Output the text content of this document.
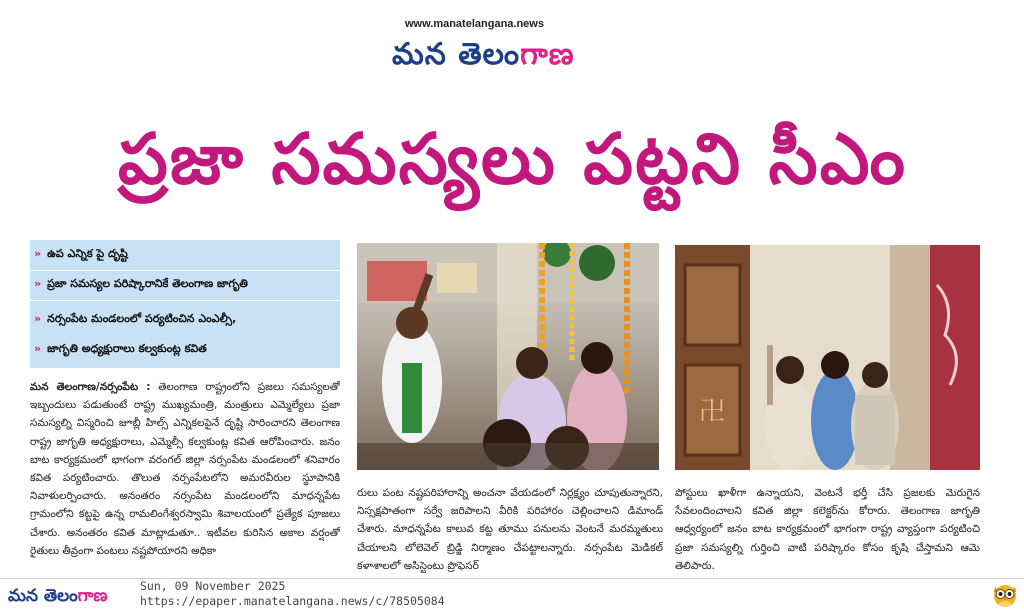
www.manatelangana.news
మన తెలంగాణ
ప్రజా సమస్యలు పట్టని సీఎం
» ఉప ఎన్నిక పై దృష్టి
» ప్రజా సమస్యల పరిష్కారానికే తెలంగాణ జాగృతి
» నర్సంపేట మండలంలో పర్యటించిన ఎంఎల్సీ,
» జాగృతి అధ్యక్షురాలు కల్వకుంట్ల కవిత
మన తెలంగాణ/నర్సంపేట : తెలంగాణ రాష్ట్రంలోని ప్రజలు సమస్యలతో ఇబ్బందులు పడుతుంటే రాష్ట్ర ముఖ్యమంత్రి, మంత్రులు ఎమ్మెల్యేలు ప్రజా సమస్యల్ని విస్మరించి జూబ్లీ హిల్స్ ఎన్నికలపైనే దృష్టి సారించారని తెలంగాణ రాష్ట్ర జాగృతి అధ్యక్షురాలు, ఎమ్మెల్సీ కల్వకుంట్ల కవిత ఆరోపించారు. జనం బాట కార్యక్రమంలో భాగంగా వరంగల్ జిల్లా నర్సంపేట మండలంలో శనివారం కవిత పర్యటించారు. తొలుత నర్సంపేటలోని అమరవీరుల స్థూపానికి నివాళులర్పించారు. అనంతరం నర్సంపేట మండలంలోని మాధన్నపేట గ్రామంలోని కట్టపై ఉన్న రామలింగేశ్వరస్వామి శివాలయంలో ప్రత్యేక పూజలు చేశారు. అనంతరం కవిత మాట్లాడుతూ.. ఇటీవల కురిసిన అకాల వర్షంతో రైతులు తీవ్రంగా పంటలు నష్టపోయారని అధికా
卍
రులు పంట నష్టపరిహారాన్ని అంచనా వేయడంలో నిర్లక్ష్యం చూపుతున్నారని, నిస్సక్షపాతంగా సర్వే జరిపాలని వీరికి పరిహారం చెల్లించాలని డిమాండ్ చేశారు. మాధన్నపేట కాలువ కట్ట తూము పనులను వెంటనే మరమ్మతులు చేయాలని లోలెవెల్ బ్రిడ్జి నిర్మాణం చేపట్టాలన్నారు. నర్సంపేట మెడికల్ కళాశాలలో అసిస్టెంటు ప్రొఫెసర్
పోస్టులు ఖాళీగా ఉన్నాయని, వెంటనే భర్తీ చేసి ప్రజలకు మెరుగైన సేవలందించాలని కవిత జిల్లా కలెక్టర్‌ను కోరారు. తెలంగాణ జాగృతి ఆధ్వర్యంలో జనం బాట కార్యక్రమంలో భాగంగా రాష్ట్ర వ్యాప్తంగా పర్యటించి ప్రజా సమస్యల్ని గుర్తించి వాటి పరిష్కారం కోసం కృషి చేస్తామని ఆమె తెలిపారు.
మన తెలంగాణ	Sun, 09 November 2025
https://epaper.manatelangana.news/c/78505084
